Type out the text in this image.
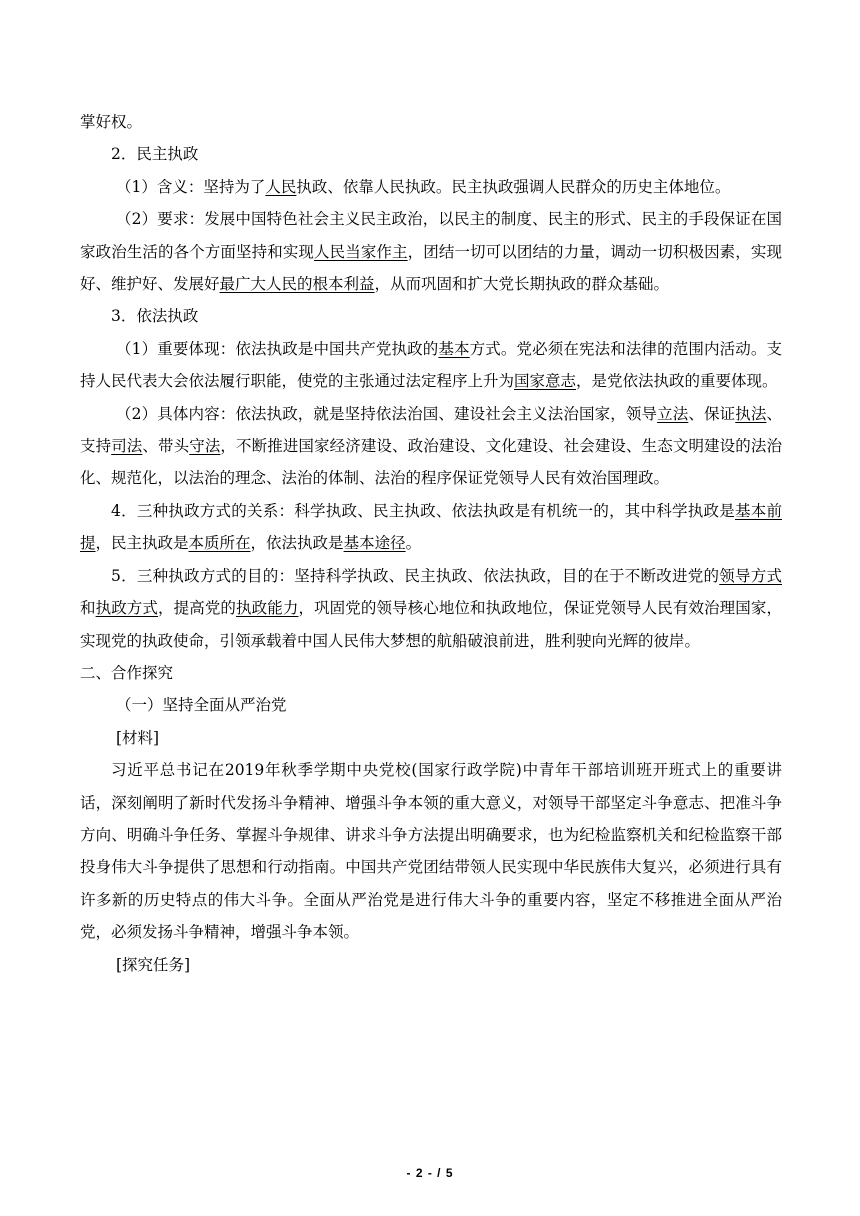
掌好权。

2．民主执政

（1）含义：坚持为了人民执政、依靠人民执政。民主执政强调人民群众的历史主体地位。

（2）要求：发展中国特色社会主义民主政治，以民主的制度、民主的形式、民主的手段保证在国家政治生活的各个方面坚持和实现人民当家作主，团结一切可以团结的力量，调动一切积极因素，实现好、维护好、发展好最广大人民的根本利益，从而巩固和扩大党长期执政的群众基础。

3．依法执政

（1）重要体现：依法执政是中国共产党执政的基本方式。党必须在宪法和法律的范围内活动。支持人民代表大会依法履行职能，使党的主张通过法定程序上升为国家意志，是党依法执政的重要体现。

（2）具体内容：依法执政，就是坚持依法治国、建设社会主义法治国家，领导立法、保证执法、支持司法、带头守法，不断推进国家经济建设、政治建设、文化建设、社会建设、生态文明建设的法治化、规范化，以法治的理念、法治的体制、法治的程序保证党领导人民有效治国理政。

4．三种执政方式的关系：科学执政、民主执政、依法执政是有机统一的，其中科学执政是基本前提，民主执政是本质所在，依法执政是基本途径。

5．三种执政方式的目的：坚持科学执政、民主执政、依法执政，目的在于不断改进党的领导方式和执政方式，提高党的执政能力，巩固党的领导核心地位和执政地位，保证党领导人民有效治理国家，实现党的执政使命，引领承载着中国人民伟大梦想的航船破浪前进，胜利驶向光辉的彼岸。

二、合作探究

（一）坚持全面从严治党

[材料]

习近平总书记在2019年秋季学期中央党校(国家行政学院)中青年干部培训班开班式上的重要讲话，深刻阐明了新时代发扬斗争精神、增强斗争本领的重大意义，对领导干部坚定斗争意志、把准斗争方向、明确斗争任务、掌握斗争规律、讲求斗争方法提出明确要求，也为纪检监察机关和纪检监察干部投身伟大斗争提供了思想和行动指南。中国共产党团结带领人民实现中华民族伟大复兴，必须进行具有许多新的历史特点的伟大斗争。全面从严治党是进行伟大斗争的重要内容，坚定不移推进全面从严治党，必须发扬斗争精神，增强斗争本领。

[探究任务]

- 2 - / 5
